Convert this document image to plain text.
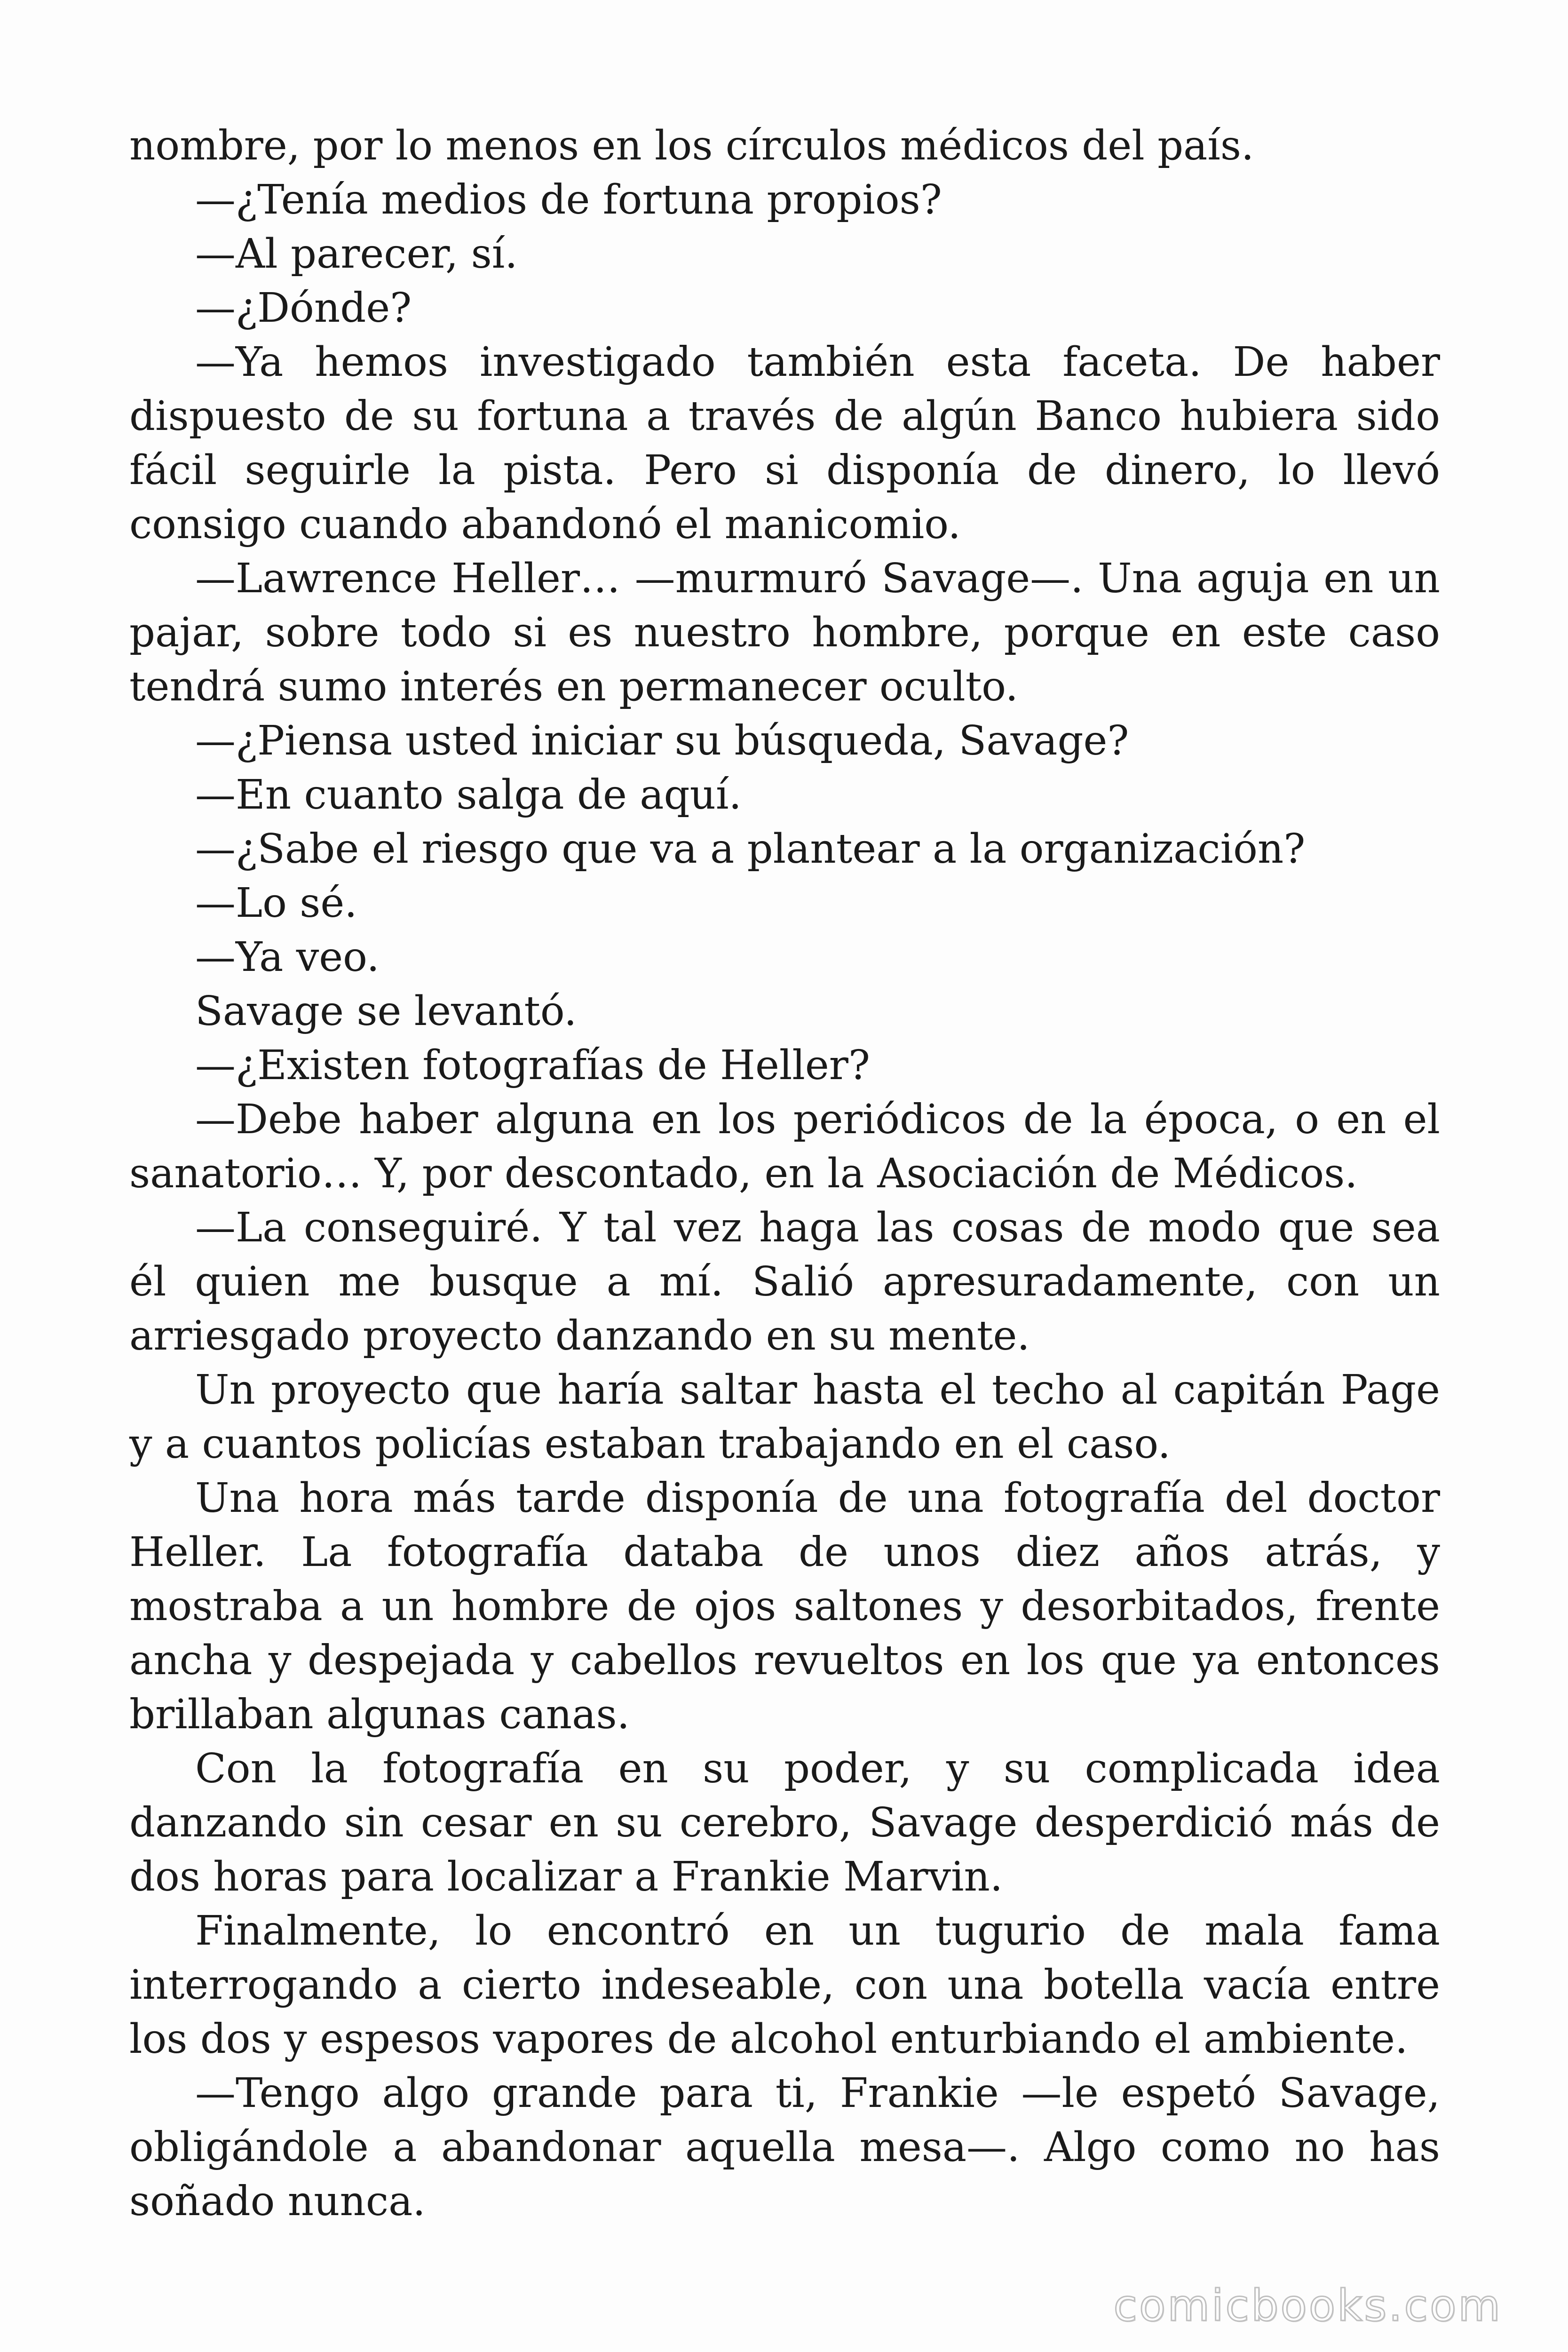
nombre, por lo menos en los círculos médicos del país.

—¿Tenía medios de fortuna propios?

—Al parecer, sí.

—¿Dónde?

—Ya hemos investigado también esta faceta. De haber dispuesto de su fortuna a través de algún Banco hubiera sido fácil seguirle la pista. Pero si disponía de dinero, lo llevó consigo cuando abandonó el manicomio.

—Lawrence Heller… —murmuró Savage—. Una aguja en un pajar, sobre todo si es nuestro hombre, porque en este caso tendrá sumo interés en permanecer oculto.

—¿Piensa usted iniciar su búsqueda, Savage?

—En cuanto salga de aquí.

—¿Sabe el riesgo que va a plantear a la organización?

—Lo sé.

—Ya veo.

Savage se levantó.

—¿Existen fotografías de Heller?

—Debe haber alguna en los periódicos de la época, o en el sanatorio… Y, por descontado, en la Asociación de Médicos.

—La conseguiré. Y tal vez haga las cosas de modo que sea él quien me busque a mí. Salió apresuradamente, con un arriesgado proyecto danzando en su mente.

Un proyecto que haría saltar hasta el techo al capitán Page y a cuantos policías estaban trabajando en el caso.

Una hora más tarde disponía de una fotografía del doctor Heller. La fotografía databa de unos diez años atrás, y mostraba a un hombre de ojos saltones y desorbitados, frente ancha y despejada y cabellos revueltos en los que ya entonces brillaban algunas canas.

Con la fotografía en su poder, y su complicada idea danzando sin cesar en su cerebro, Savage desperdició más de dos horas para localizar a Frankie Marvin.

Finalmente, lo encontró en un tugurio de mala fama interrogando a cierto indeseable, con una botella vacía entre los dos y espesos vapores de alcohol enturbiando el ambiente.

—Tengo algo grande para ti, Frankie —le espetó Savage, obligándole a abandonar aquella mesa—. Algo como no has soñado nunca.

comicbooks.com
